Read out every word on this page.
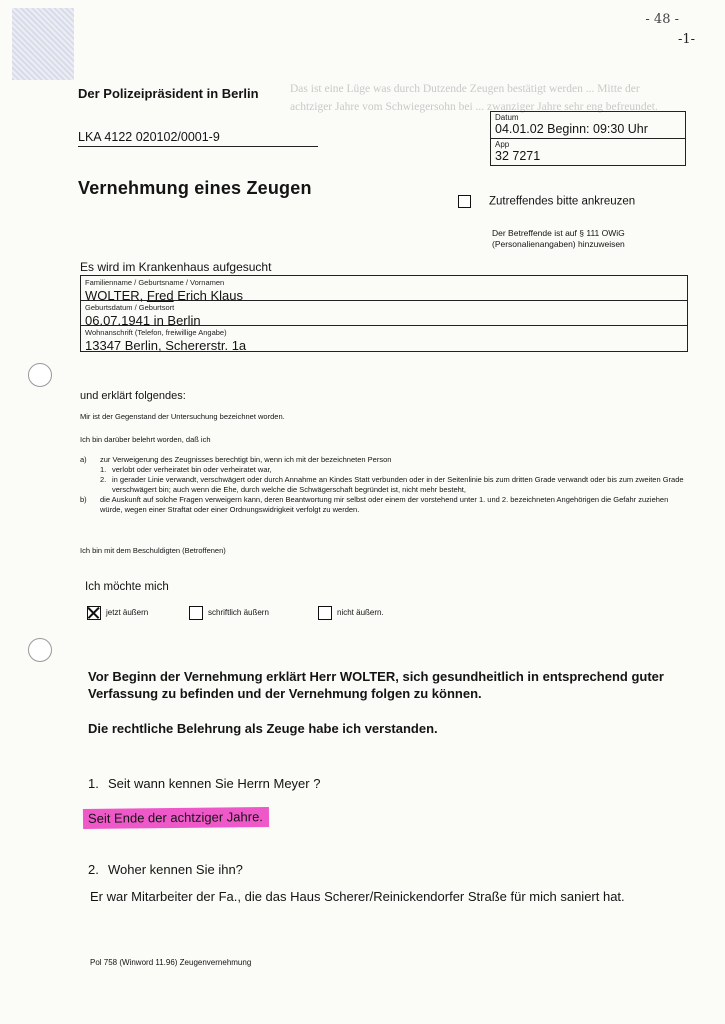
- 48 -
-1-
Das ist eine Lüge was durch Dutzende Zeugen bestätigt werden ... Mitte der achtziger Jahre vom Schwiegersohn bei ... zwanziger Jahre sehr eng befreundet.
Der Polizeipräsident in Berlin
LKA 4122 020102/0001-9
Datum
04.01.02 Beginn: 09:30 Uhr
App
32 7271
Vernehmung eines Zeugen
Zutreffendes bitte ankreuzen
Der Betreffende ist auf § 111 OWiG (Personalienangaben) hinzuweisen
Es wird im Krankenhaus aufgesucht
Familienname / Geburtsname / Vornamen
WOLTER, Fred Erich Klaus
Geburtsdatum / Geburtsort
06.07.1941 in Berlin
Wohnanschrift (Telefon, freiwillige Angabe)
13347 Berlin, Schererstr. 1a
und erklärt folgendes:
Mir ist der Gegenstand der Untersuchung bezeichnet worden.
Ich bin darüber belehrt worden, daß ich
a)	zur Verweigerung des Zeugnisses berechtigt bin, wenn ich mit der bezeichneten Person
1. verlobt oder verheiratet bin oder verheiratet war,
2. in gerader Linie verwandt, verschwägert oder durch Annahme an Kindes Statt verbunden oder in der Seitenlinie bis zum dritten Grade verwandt oder bis zum zweiten Grade verschwägert bin; auch wenn die Ehe, durch welche die Schwägerschaft begründet ist, nicht mehr besteht,
b)	die Auskunft auf solche Fragen verweigern kann, deren Beantwortung mir selbst oder einem der vorstehend unter 1. und 2. bezeichneten Angehörigen die Gefahr zuziehen würde, wegen einer Straftat oder einer Ordnungswidrigkeit verfolgt zu werden.
Ich bin mit dem Beschuldigten (Betroffenen)
Ich möchte mich
jetzt äußern	schriftlich äußern	nicht äußern.
Vor Beginn der Vernehmung erklärt Herr WOLTER, sich gesundheitlich in entsprechend guter Verfassung zu befinden und der Vernehmung folgen zu können.
Die rechtliche Belehrung als Zeuge habe ich verstanden.
1. Seit wann kennen Sie Herrn Meyer ?
Seit Ende der achtziger Jahre.
2. Woher kennen Sie ihn?
Er war Mitarbeiter der Fa., die das Haus Scherer/Reinickendorfer Straße für mich saniert hat.
Pol 758 (Winword 11.96) Zeugenvernehmung
